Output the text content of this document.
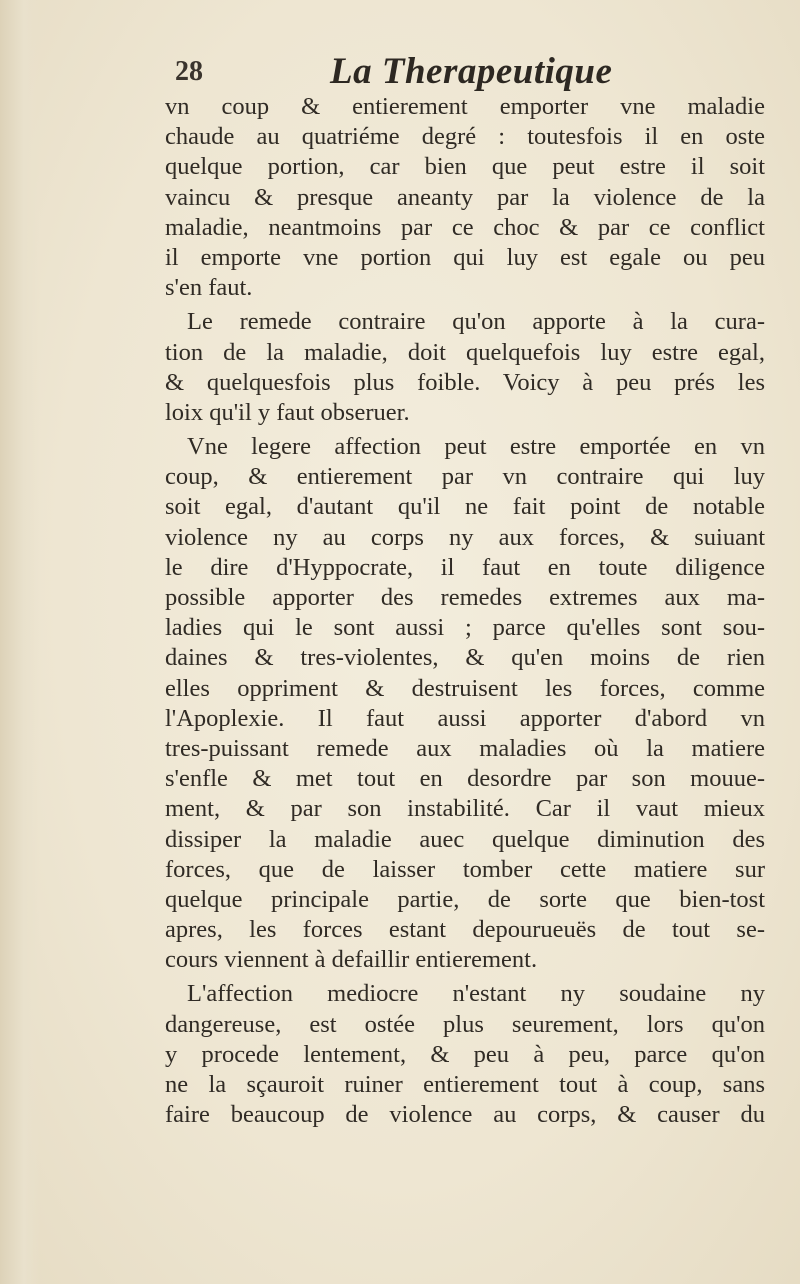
28	La Therapeutique
vn coup & entierement emporter vne maladie
chaude au quatriéme degré : toutesfois il en oste
quelque portion, car bien que peut estre il soit
vaincu & presque aneanty par la violence de la
maladie, neantmoins par ce choc & par ce conflict
il emporte vne portion qui luy est egale ou peu
s'en faut.
Le remede contraire qu'on apporte à la cura-
tion de la maladie, doit quelquefois luy estre egal,
& quelquesfois plus foible. Voicy à peu prés les
loix qu'il y faut obseruer.
Vne legere affection peut estre emportée en vn
coup, & entierement par vn contraire qui luy
soit egal, d'autant qu'il ne fait point de notable
violence ny au corps ny aux forces, & suiuant
le dire d'Hyppocrate, il faut en toute diligence
possible apporter des remedes extremes aux ma-
ladies qui le sont aussi ; parce qu'elles sont sou-
daines & tres-violentes, & qu'en moins de rien
elles oppriment & destruisent les forces, comme
l'Apoplexie. Il faut aussi apporter d'abord vn
tres-puissant remede aux maladies où la matiere
s'enfle & met tout en desordre par son mouue-
ment, & par son instabilité. Car il vaut mieux
dissiper la maladie auec quelque diminution des
forces, que de laisser tomber cette matiere sur
quelque principale partie, de sorte que bien-tost
apres, les forces estant depourueuës de tout se-
cours viennent à defaillir entierement.
L'affection mediocre n'estant ny soudaine ny
dangereuse, est ostée plus seurement, lors qu'on
y procede lentement, & peu à peu, parce qu'on
ne la sçauroit ruiner entierement tout à coup, sans
faire beaucoup de violence au corps, & causer du
